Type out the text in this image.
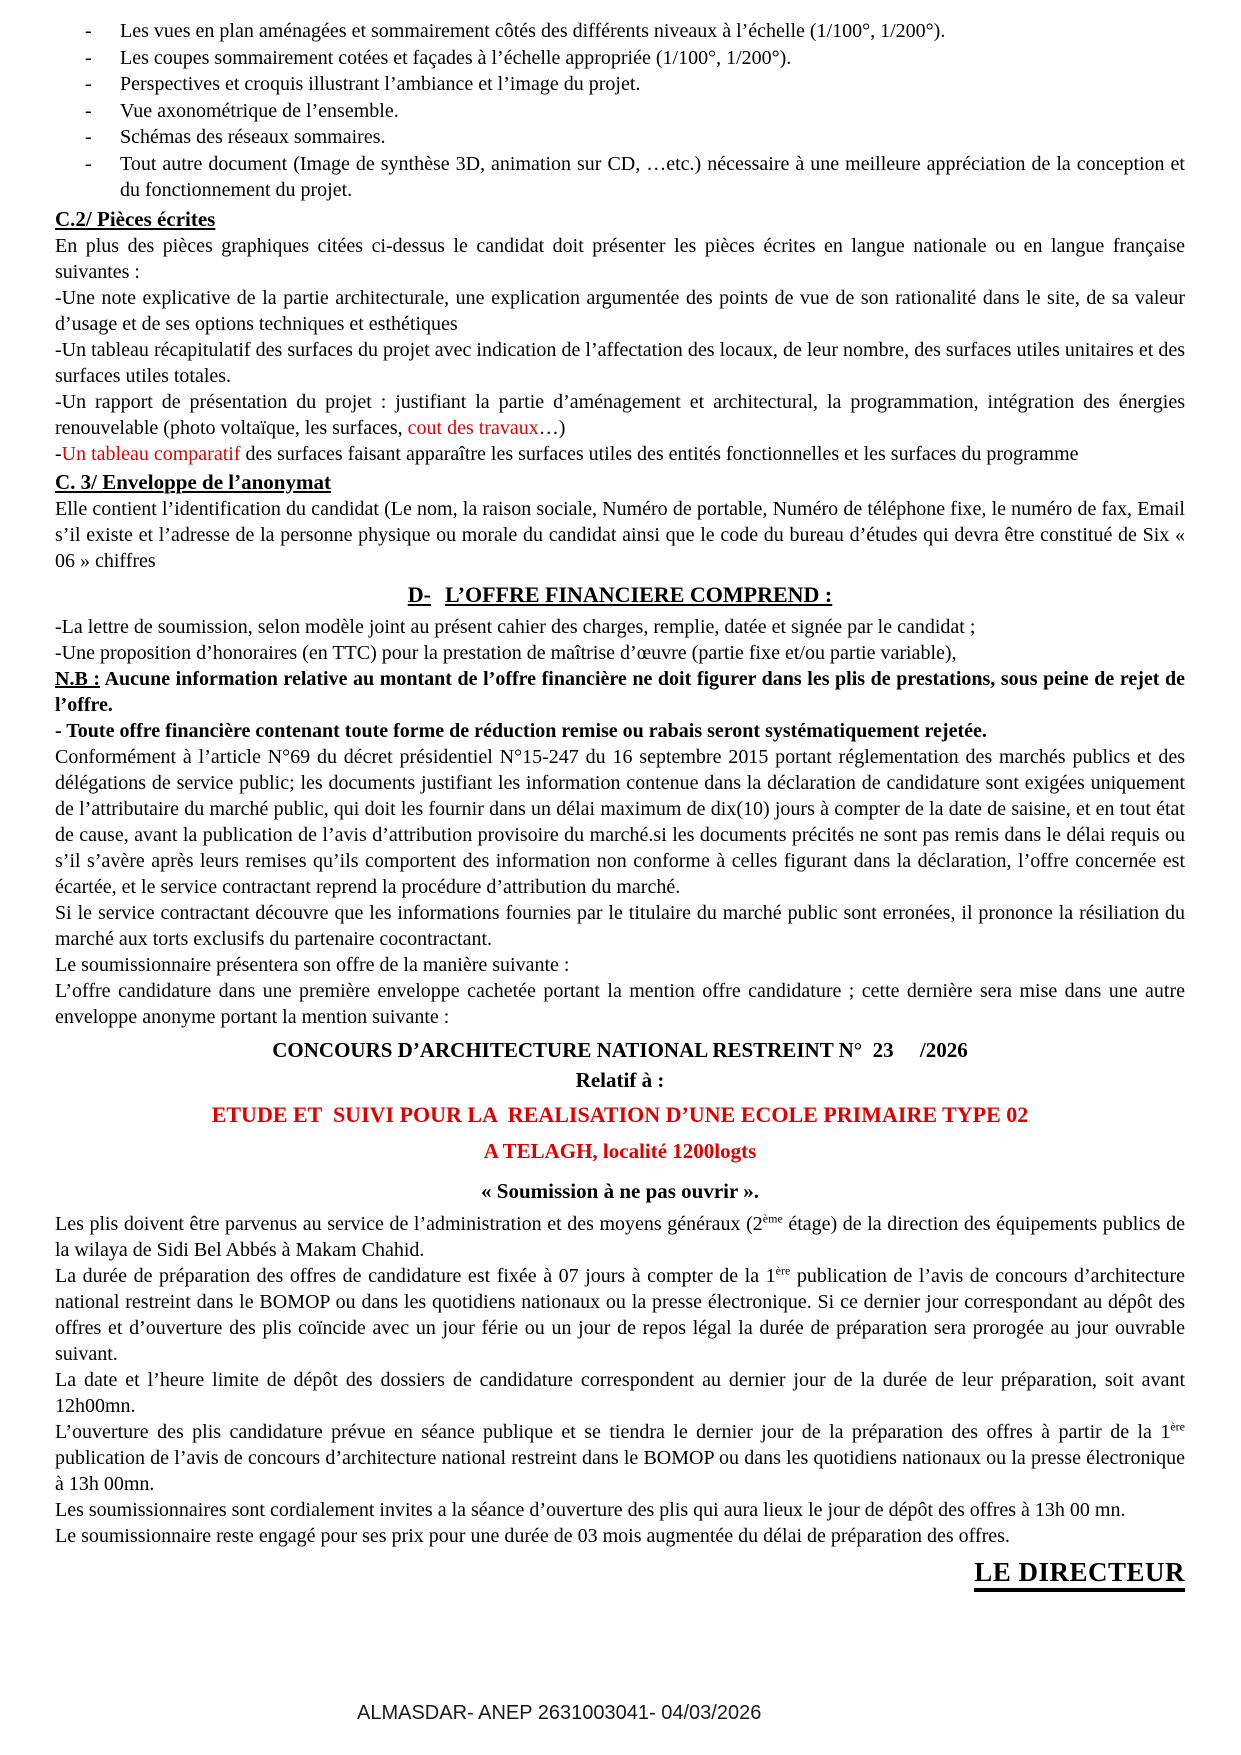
-	Les vues en plan aménagées et sommairement côtés des différents niveaux à l’échelle (1/100°, 1/200°).
-	Les coupes sommairement cotées et façades à l’échelle appropriée (1/100°, 1/200°).
-	Perspectives et croquis illustrant l’ambiance et l’image du projet.
-	Vue axonométrique de l’ensemble.
-	Schémas des réseaux sommaires.
-	Tout autre document (Image de synthèse 3D, animation sur CD, …etc.) nécessaire à une meilleure appréciation de la conception et du fonctionnement du projet.
C.2/ Pièces écrites

En plus des pièces graphiques citées ci-dessus le candidat doit présenter les pièces écrites en langue nationale ou en langue française suivantes :

-Une note explicative de la partie architecturale, une explication argumentée des points de vue de son rationalité dans le site, de sa valeur d’usage et de ses options techniques et esthétiques

-Un tableau récapitulatif des surfaces du projet avec indication de l’affectation des locaux, de leur nombre, des surfaces utiles unitaires et des surfaces utiles totales.

-Un rapport de présentation du projet : justifiant la partie d’aménagement et architectural, la programmation, intégration des énergies renouvelable (photo voltaïque, les surfaces, cout des travaux…)

-Un tableau comparatif des surfaces faisant apparaître les surfaces utiles des entités fonctionnelles et les surfaces du programme

C. 3/ Enveloppe de l’anonymat

Elle contient l’identification du candidat (Le nom, la raison sociale, Numéro de portable, Numéro de téléphone fixe, le numéro de fax, Email s’il existe et l’adresse de la personne physique ou morale du candidat ainsi que le code du bureau d’études qui devra être constitué de Six « 06 » chiffres

D- L’OFFRE FINANCIERE COMPREND :

-La lettre de soumission, selon modèle joint au présent cahier des charges, remplie, datée et signée par le candidat ;

-Une proposition d’honoraires (en TTC) pour la prestation de maîtrise d’œuvre (partie fixe et/ou partie variable),

N.B : Aucune information relative au montant de l’offre financière ne doit figurer dans les plis de prestations, sous peine de rejet de l’offre.

- Toute offre financière contenant toute forme de réduction remise ou rabais seront systématiquement rejetée.

Conformément à l’article N°69 du décret présidentiel N°15-247 du 16 septembre 2015 portant réglementation des marchés publics et des délégations de service public; les documents justifiant les information contenue dans la déclaration de candidature sont exigées uniquement de l’attributaire du marché public, qui doit les fournir dans un délai maximum de dix(10) jours à compter de la date de saisine, et en tout état de cause, avant la publication de l’avis d’attribution provisoire du marché.si les documents précités ne sont pas remis dans le délai requis ou s’il s’avère après leurs remises qu’ils comportent des information non conforme à celles figurant dans la déclaration, l’offre concernée est écartée, et le service contractant reprend la procédure d’attribution du marché.

Si le service contractant découvre que les informations fournies par le titulaire du marché public sont erronées, il prononce la résiliation du marché aux torts exclusifs du partenaire cocontractant.

Le soumissionnaire présentera son offre de la manière suivante :

L’offre candidature dans une première enveloppe cachetée portant la mention offre candidature ; cette dernière sera mise dans une autre enveloppe anonyme portant la mention suivante :

CONCOURS D’ARCHITECTURE NATIONAL RESTREINT N°  23     /2026
Relatif à :
ETUDE ET  SUIVI POUR LA  REALISATION D’UNE ECOLE PRIMAIRE TYPE 02
A TELAGH, localité 1200logts
« Soumission à ne pas ouvrir ».

Les plis doivent être parvenus au service de l’administration et des moyens généraux (2ème étage) de la direction des équipements publics de la wilaya de Sidi Bel Abbés à Makam Chahid.

La durée de préparation des offres de candidature est fixée à 07 jours à compter de la 1ère publication de l’avis de concours d’architecture national restreint dans le BOMOP ou dans les quotidiens nationaux ou la presse électronique. Si ce dernier jour correspondant au dépôt des offres et d’ouverture des plis coïncide avec un jour férie ou un jour de repos légal la durée de préparation sera prorogée au jour ouvrable suivant.

La date et l’heure limite de dépôt des dossiers de candidature correspondent au dernier jour de la durée de leur préparation, soit avant 12h00mn.

L’ouverture des plis candidature prévue en séance publique et se tiendra le dernier jour de la préparation des offres à partir de la 1ère publication de l’avis de concours d’architecture national restreint dans le BOMOP ou dans les quotidiens nationaux ou la presse électronique à 13h 00mn.

Les soumissionnaires sont cordialement invites a la séance d’ouverture des plis qui aura lieux le jour de dépôt des offres à 13h 00 mn.

Le soumissionnaire reste engagé pour ses prix pour une durée de 03 mois augmentée du délai de préparation des offres.

LE DIRECTEUR
ALMASDAR- ANEP 2631003041- 04/03/2026
